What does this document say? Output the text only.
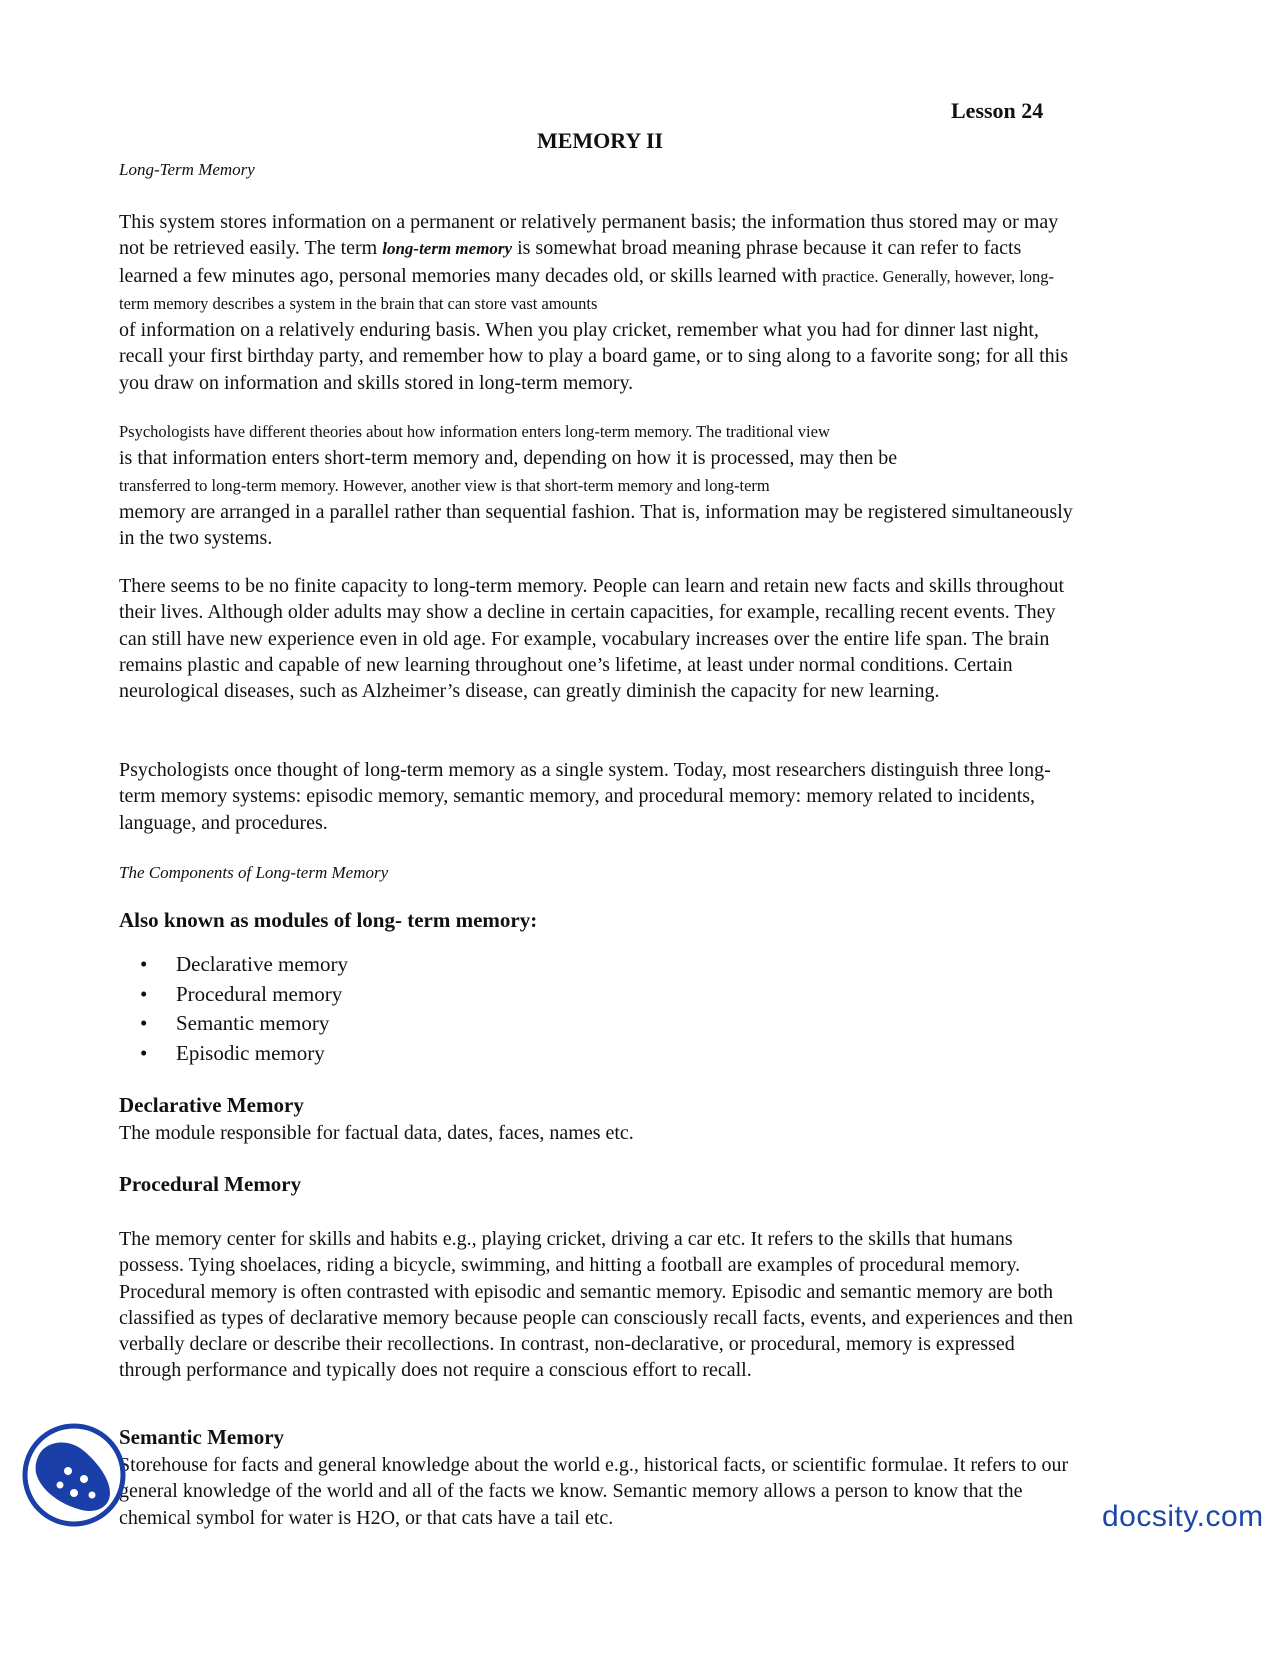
Lesson 24
MEMORY II
Long-Term Memory
This system stores information on a permanent or relatively permanent basis; the information thus stored may or may not be retrieved easily. The term long-term memory is somewhat broad meaning phrase because it can refer to facts learned a few minutes ago, personal memories many decades old, or skills learned with practice. Generally, however, long-term memory describes a system in the brain that can store vast amounts
of information on a relatively enduring basis. When you play cricket, remember what you had for dinner last night, recall your first birthday party, and remember how to play a board game, or to sing along to a favorite song; for all this you draw on information and skills stored in long-term memory.
Psychologists have different theories about how information enters long-term memory. The traditional view
is that information enters short-term memory and, depending on how it is processed, may then be
transferred to long-term memory. However, another view is that short-term memory and long-term
memory are arranged in a parallel rather than sequential fashion. That is, information may be registered simultaneously in the two systems.
There seems to be no finite capacity to long-term memory. People can learn and retain new facts and skills throughout their lives. Although older adults may show a decline in certain capacities, for example, recalling recent events. They can still have new experience even in old age. For example, vocabulary increases over the entire life span. The brain remains plastic and capable of new learning throughout one’s lifetime, at least under normal conditions. Certain neurological diseases, such as Alzheimer’s disease, can greatly diminish the capacity for new learning.
Psychologists once thought of long-term memory as a single system. Today, most researchers distinguish three long-term memory systems: episodic memory, semantic memory, and procedural memory: memory related to incidents, language, and procedures.
The Components of Long-term Memory
Also known as modules of long- term memory:
• Declarative memory
• Procedural memory
• Semantic memory
• Episodic memory
Declarative Memory
The module responsible for factual data, dates, faces, names etc.
Procedural Memory
The memory center for skills and habits e.g., playing cricket, driving a car etc. It refers to the skills that humans possess. Tying shoelaces, riding a bicycle, swimming, and hitting a football are examples of procedural memory. Procedural memory is often contrasted with episodic and semantic memory. Episodic and semantic memory are both classified as types of declarative memory because people can consciously recall facts, events, and experiences and then verbally declare or describe their recollections. In contrast, non-declarative, or procedural, memory is expressed through performance and typically does not require a conscious effort to recall.
Semantic Memory
Storehouse for facts and general knowledge about the world e.g., historical facts, or scientific formulae. It refers to our general knowledge of the world and all of the facts we know. Semantic memory allows a person to know that the chemical symbol for water is H2O, or that cats have a tail etc.	docsity.com
